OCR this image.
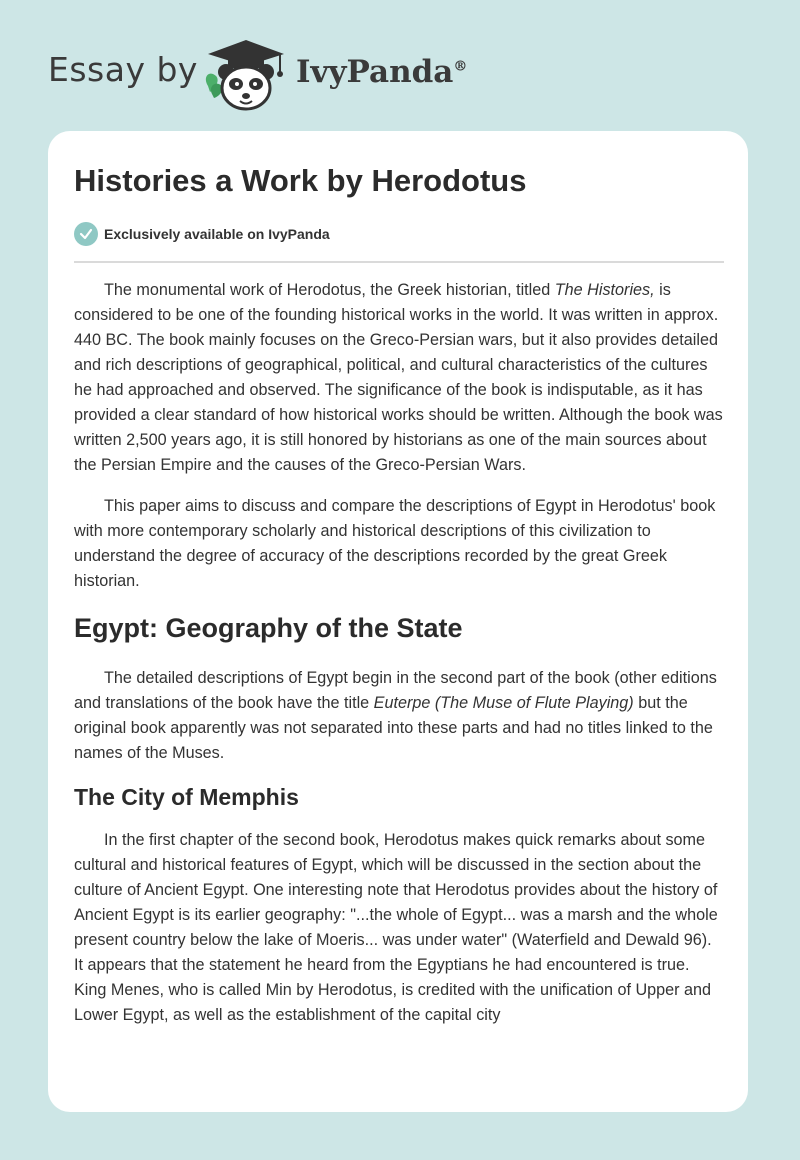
Essay by	IvyPanda®
Histories a Work by Herodotus
Exclusively available on IvyPanda

The monumental work of Herodotus, the Greek historian, titled The Histories, is considered to be one of the founding historical works in the world. It was written in approx. 440 BC. The book mainly focuses on the Greco-Persian wars, but it also provides detailed and rich descriptions of geographical, political, and cultural characteristics of the cultures he had approached and observed. The significance of the book is indisputable, as it has provided a clear standard of how historical works should be written. Although the book was written 2,500 years ago, it is still honored by historians as one of the main sources about the Persian Empire and the causes of the Greco-Persian Wars.

This paper aims to discuss and compare the descriptions of Egypt in Herodotus' book with more contemporary scholarly and historical descriptions of this civilization to understand the degree of accuracy of the descriptions recorded by the great Greek historian.

Egypt: Geography of the State

The detailed descriptions of Egypt begin in the second part of the book (other editions and translations of the book have the title Euterpe (The Muse of Flute Playing) but the original book apparently was not separated into these parts and had no titles linked to the names of the Muses.

The City of Memphis

In the first chapter of the second book, Herodotus makes quick remarks about some cultural and historical features of Egypt, which will be discussed in the section about the culture of Ancient Egypt. One interesting note that Herodotus provides about the history of Ancient Egypt is its earlier geography: "...the whole of Egypt... was a marsh and the whole present country below the lake of Moeris... was under water" (Waterfield and Dewald 96). It appears that the statement he heard from the Egyptians he had encountered is true. King Menes, who is called Min by Herodotus, is credited with the unification of Upper and Lower Egypt, as well as the establishment of the capital city
